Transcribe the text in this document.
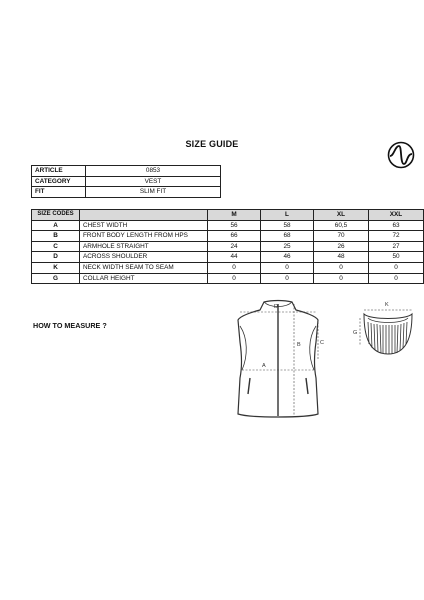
SIZE GUIDE
ARTICLE	0853
CATEGORY	VEST
FIT	SLIM FIT
SIZE CODES		M	L	XL	XXL
A	CHEST WIDTH	56	58	60,5	63
B	FRONT BODY LENGTH FROM HPS	66	68	70	72
C	ARMHOLE STRAIGHT	24	25	26	27
D	ACROSS SHOULDER	44	46	48	50
K	NECK WIDTH SEAM TO SEAM	0	0	0	0
G	COLLAR HEIGHT	0	0	0	0
HOW TO MEASURE ?
D
B	C
A
K
G
